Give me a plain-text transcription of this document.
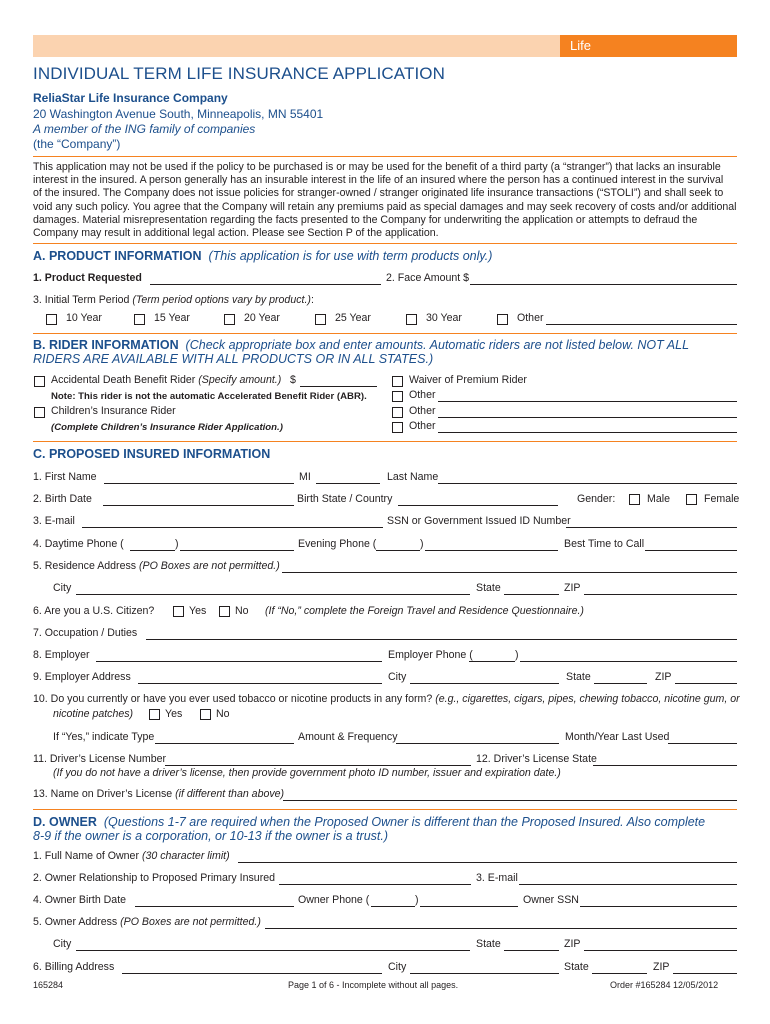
Life
INDIVIDUAL TERM LIFE INSURANCE APPLICATION
ReliaStar Life Insurance Company
20 Washington Avenue South, Minneapolis, MN 55401
A member of the ING family of companies
(the “Company”)
This application may not be used if the policy to be purchased is or may be used for the benefit of a third party (a “stranger”) that lacks an insurable
interest in the insured. A person generally has an insurable interest in the life of an insured where the person has a continued interest in the survival
of the insured. The Company does not issue policies for stranger-owned / stranger originated life insurance transactions (“STOLI”) and shall seek to
void any such policy. You agree that the Company will retain any premiums paid as special damages and may seek recovery of costs and/or additional
damages. Material misrepresentation regarding the facts presented to the Company for underwriting the application or attempts to defraud the
Company may result in additional legal action. Please see Section P of the application.
A. PRODUCT INFORMATION (This application is for use with term products only.)
1. Product Requested	2. Face Amount $
3. Initial Term Period (Term period options vary by product.):
10 Year	15 Year	20 Year	25 Year	30 Year	Other
B. RIDER INFORMATION (Check appropriate box and enter amounts. Automatic riders are not listed below. NOT ALL
RIDERS ARE AVAILABLE WITH ALL PRODUCTS OR IN ALL STATES.)
Accidental Death Benefit Rider (Specify amount.) $
Note: This rider is not the automatic Accelerated Benefit Rider (ABR).
Children’s Insurance Rider
(Complete Children’s Insurance Rider Application.)
Waiver of Premium Rider
Other
Other
Other
C. PROPOSED INSURED INFORMATION
1. First Name	MI	Last Name
2. Birth Date	Birth State / Country	Gender:	Male	Female
3. E-mail	SSN or Government Issued ID Number
4. Daytime Phone (	)	Evening Phone (	)	Best Time to Call
5. Residence Address (PO Boxes are not permitted.)
City	State	ZIP
6. Are you a U.S. Citizen?	Yes	No (If “No,” complete the Foreign Travel and Residence Questionnaire.)
7. Occupation / Duties
8. Employer	Employer Phone (	)
9. Employer Address	City	State	ZIP
10. Do you currently or have you ever used tobacco or nicotine products in any form? (e.g., cigarettes, cigars, pipes, chewing tobacco, nicotine gum, or
nicotine patches)	Yes	No
If “Yes,” indicate Type	Amount & Frequency	Month/Year Last Used
11. Driver’s License Number	12. Driver’s License State
(If you do not have a driver’s license, then provide government photo ID number, issuer and expiration date.)
13. Name on Driver’s License (if different than above)
D. OWNER (Questions 1-7 are required when the Proposed Owner is different than the Proposed Insured. Also complete
8-9 if the owner is a corporation, or 10-13 if the owner is a trust.)
1. Full Name of Owner (30 character limit)
2. Owner Relationship to Proposed Primary Insured	3. E-mail
4. Owner Birth Date	Owner Phone (	)	Owner SSN
5. Owner Address (PO Boxes are not permitted.)
City	State	ZIP
6. Billing Address	City	State	ZIP
165284	Page 1 of 6 - Incomplete without all pages.	Order #165284 12/05/2012
